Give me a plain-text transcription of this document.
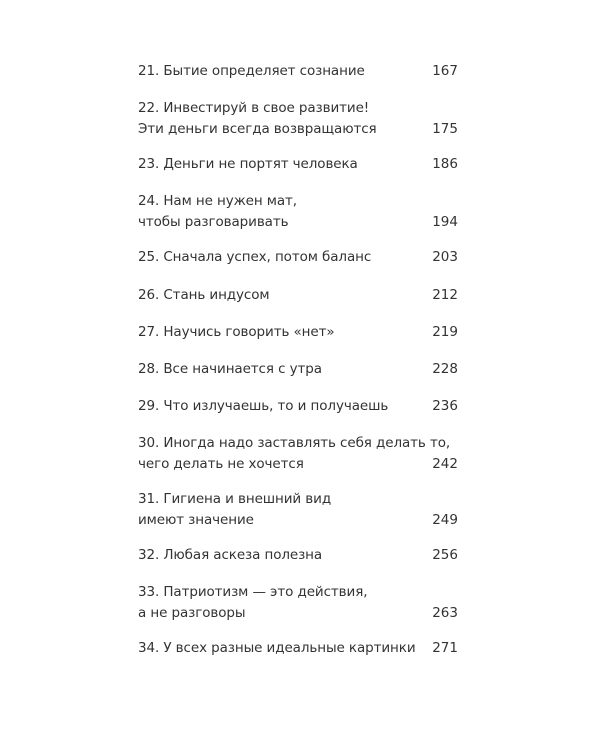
21. Бытие определяет сознание	167
22. Инвестируй в свое развитие!
Эти деньги всегда возвращаются	175
23. Деньги не портят человека	186
24. Нам не нужен мат,
чтобы разговаривать	194
25. Сначала успех, потом баланс	203
26. Стань индусом	212
27. Научись говорить «нет»	219
28. Все начинается с утра	228
29. Что излучаешь, то и получаешь	236
30. Иногда надо заставлять себя делать то,
чего делать не хочется	242
31. Гигиена и внешний вид
имеют значение	249
32. Любая аскеза полезна	256
33. Патриотизм — это действия,
а не разговоры	263
34. У всех разные идеальные картинки	271
